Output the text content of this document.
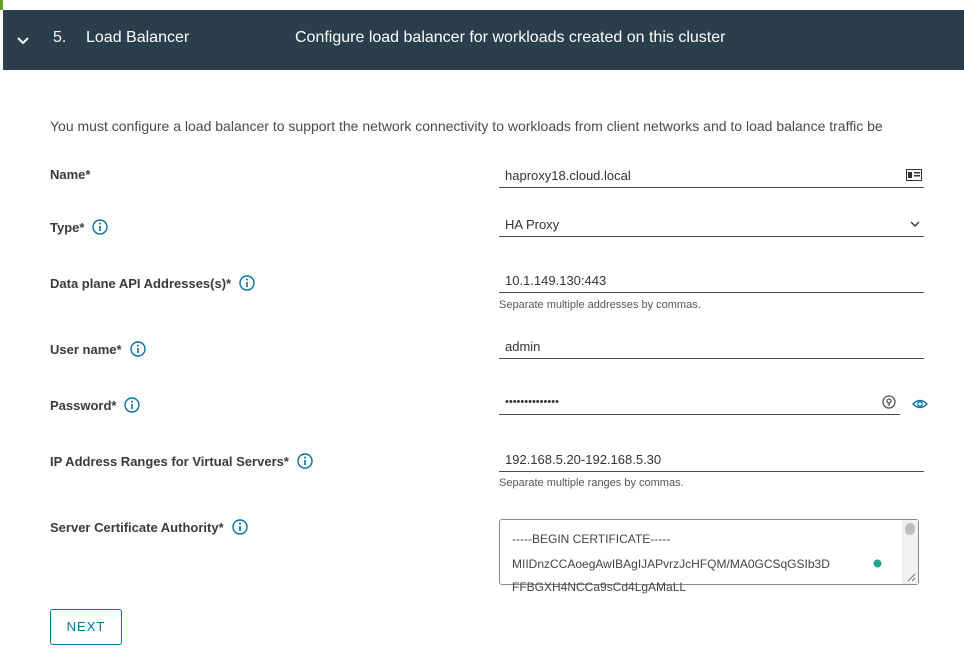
5. Load Balancer	Configure load balancer for workloads created on this cluster
You must configure a load balancer to support the network connectivity to workloads from client networks and to load balance traffic be
Name*	haproxy18.cloud.local
Type*	HA Proxy
Data plane API Addresses(s)*	10.1.149.130:443
Separate multiple addresses by commas.
User name*	admin
Password*	••••••••••••••
IP Address Ranges for Virtual Servers*	192.168.5.20-192.168.5.30
Separate multiple ranges by commas.
Server Certificate Authority*
-----BEGIN CERTIFICATE-----
MIIDnzCCAoegAwIBAgIJAPvrzJcHFQM/MA0GCSqGSIb3D
FFBGXH4NCCa9sCd4LgAMaLL
NEXT
